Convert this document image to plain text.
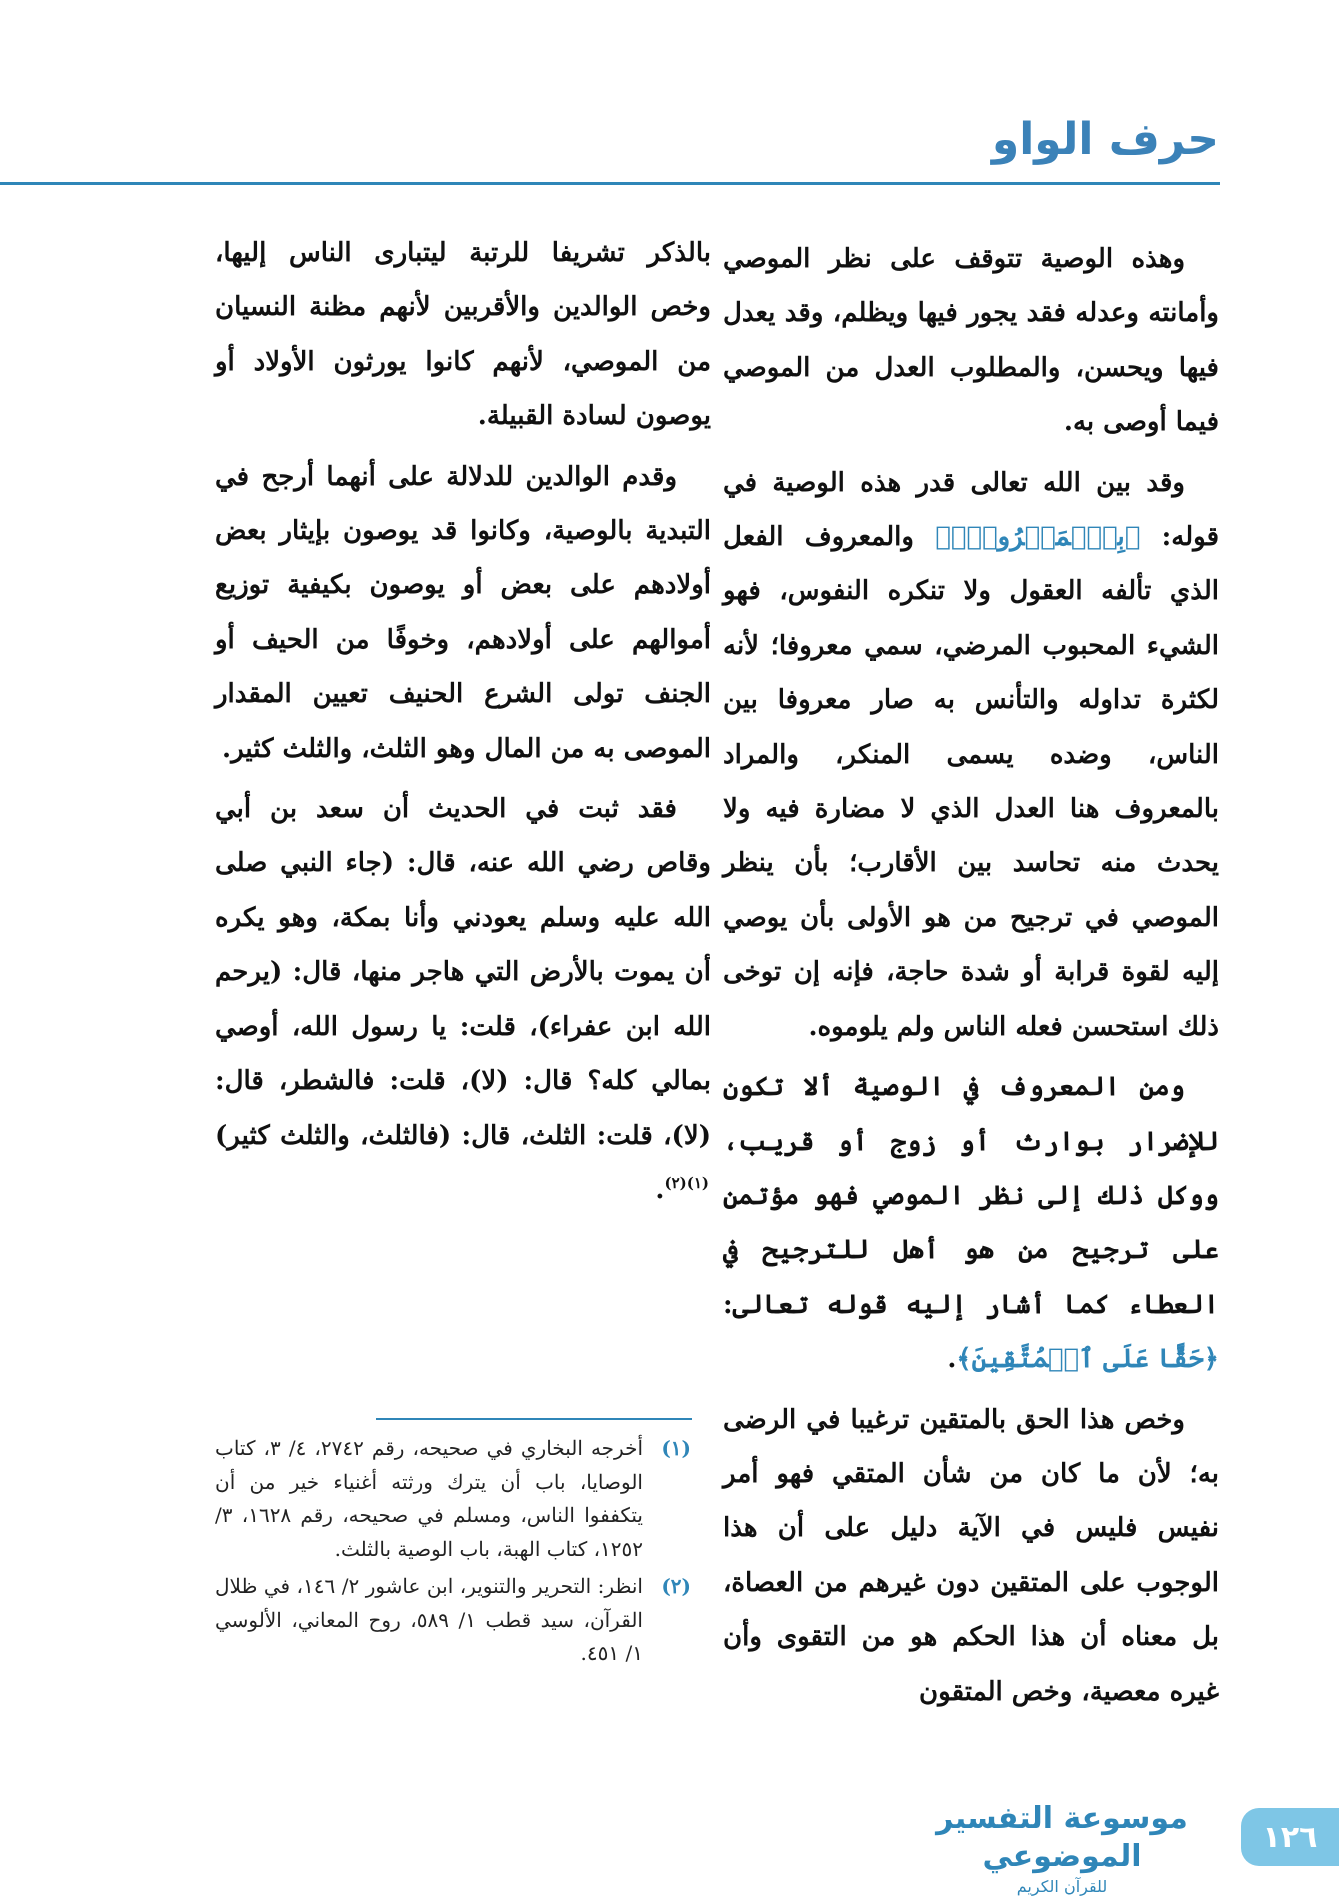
حرف الواو

وهذه الوصية تتوقف على نظر الموصي وأمانته وعدله فقد يجور فيها ويظلم، وقد يعدل فيها ويحسن، والمطلوب العدل من الموصي فيما أوصى به.

وقد بين الله تعالى قدر هذه الوصية في قوله: ﴿بِٱلۡمَعۡرُوفِۖ﴾ والمعروف الفعل الذي تألفه العقول ولا تنكره النفوس، فهو الشيء المحبوب المرضي، سمي معروفا؛ لأنه لكثرة تداوله والتأنس به صار معروفا بين الناس، وضده يسمى المنكر، والمراد بالمعروف هنا العدل الذي لا مضارة فيه ولا يحدث منه تحاسد بين الأقارب؛ بأن ينظر الموصي في ترجيح من هو الأولى بأن يوصي إليه لقوة قرابة أو شدة حاجة، فإنه إن توخى ذلك استحسن فعله الناس ولم يلوموه.

ومن المعروف في الوصية ألا تكون للإضرار بوارث أو زوج أو قريب، ووكل ذلك إلى نظر الموصي فهو مؤتمن على ترجيح من هو أهل للترجيح في العطاء كما أشار إليه قوله تعالى: ﴿حَقًّا عَلَى ٱلۡمُتَّقِينَ﴾.

وخص هذا الحق بالمتقين ترغيبا في الرضى به؛ لأن ما كان من شأن المتقي فهو أمر نفيس فليس في الآية دليل على أن هذا الوجوب على المتقين دون غيرهم من العصاة، بل معناه أن هذا الحكم هو من التقوى وأن غيره معصية، وخص المتقون

بالذكر تشريفا للرتبة ليتبارى الناس إليها، وخص الوالدين والأقربين لأنهم مظنة النسيان من الموصي، لأنهم كانوا يورثون الأولاد أو يوصون لسادة القبيلة.

وقدم الوالدين للدلالة على أنهما أرجح في التبدية بالوصية، وكانوا قد يوصون بإيثار بعض أولادهم على بعض أو يوصون بكيفية توزيع أموالهم على أولادهم، وخوفًا من الحيف أو الجنف تولى الشرع الحنيف تعيين المقدار الموصى به من المال وهو الثلث، والثلث كثير.

فقد ثبت في الحديث أن سعد بن أبي وقاص رضي الله عنه، قال: (جاء النبي صلى الله عليه وسلم يعودني وأنا بمكة، وهو يكره أن يموت بالأرض التي هاجر منها، قال: (يرحم الله ابن عفراء)، قلت: يا رسول الله، أوصي بمالي كله؟ قال: (لا)، قلت: فالشطر، قال: (لا)، قلت: الثلث، قال: (فالثلث، والثلث كثير)$^{(١)(٢)}$.

(١)
أخرجه البخاري في صحيحه، رقم ٢٧٤٢، ٤/ ٣، كتاب الوصايا، باب أن يترك ورثته أغنياء خير من أن يتكففوا الناس، ومسلم في صحيحه، رقم ١٦٢٨، ٣/ ١٢٥٢، كتاب الهبة، باب الوصية بالثلث.
(٢)
انظر: التحرير والتنوير، ابن عاشور ٢/ ١٤٦، في ظلال القرآن، سيد قطب ١/ ٥٨٩، روح المعاني، الألوسي ١/ ٤٥١.
موسوعة التفسير الموضوعي
للقرآن الكريم
١٢٦
